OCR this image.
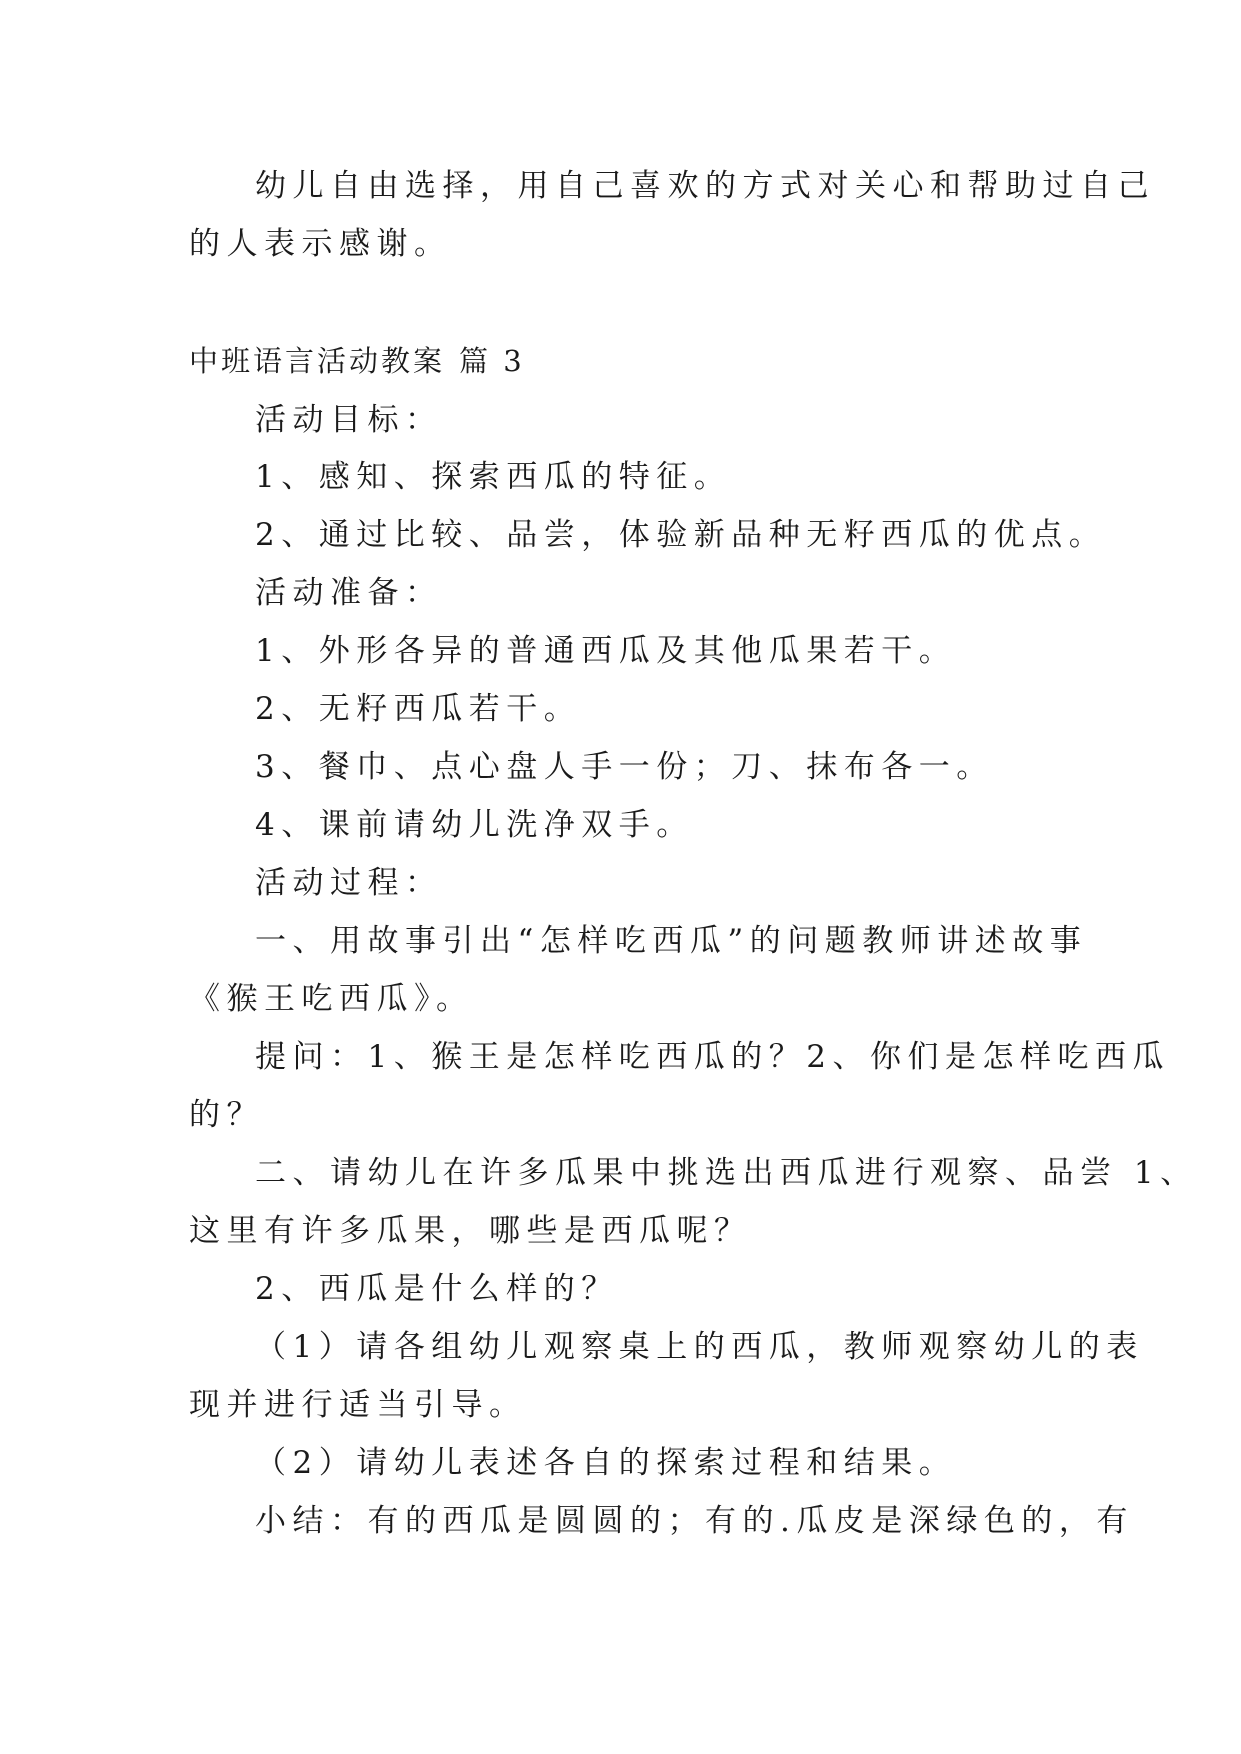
幼儿自由选择，用自己喜欢的方式对关心和帮助过自己
的人表示感谢。
中班语言活动教案 篇 3
活动目标：
1、感知、探索西瓜的特征。
2、通过比较、品尝，体验新品种无籽西瓜的优点。
活动准备：
1、外形各异的普通西瓜及其他瓜果若干。
2、无籽西瓜若干。
3、餐巾、点心盘人手一份；刀、抹布各一。
4、课前请幼儿洗净双手。
活动过程：
一、用故事引出“怎样吃西瓜”的问题教师讲述故事
《猴王吃西瓜》。
提问：1、猴王是怎样吃西瓜的？2、你们是怎样吃西瓜
的？
二、请幼儿在许多瓜果中挑选出西瓜进行观察、品尝 1、
这里有许多瓜果，哪些是西瓜呢？
2、西瓜是什么样的？
（1）请各组幼儿观察桌上的西瓜，教师观察幼儿的表
现并进行适当引导。
（2）请幼儿表述各自的探索过程和结果。
小结：有的西瓜是圆圆的；有的.瓜皮是深绿色的，有
